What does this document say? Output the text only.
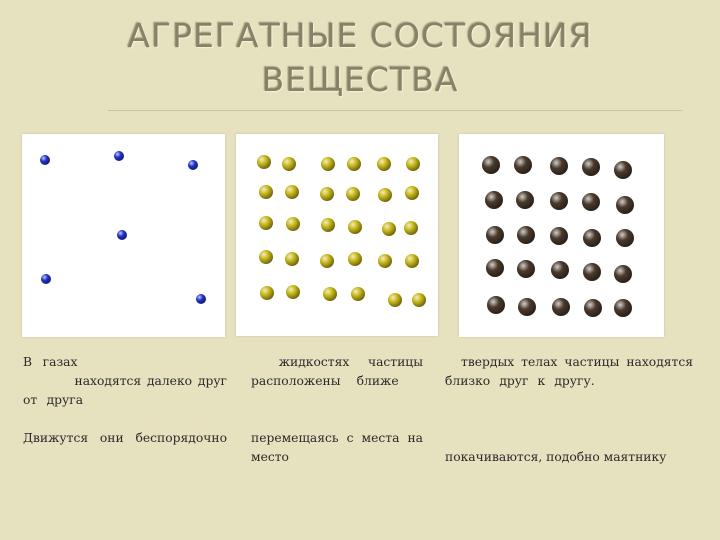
АГРЕГАТНЫЕ СОСТОЯНИЯ
ВЕЩЕСТВА
В газах частицы (молекулы, атомы) находятся далеко друг от друга и поэтому друг на друга практически не влияют. Движутся они беспорядочно как ученики на перемене.
В жидкостях частицы расположены ближе и взаимодействуют сильнее, постепенно перемещаясь с места на место
В твердых телах частицы находятся близко друг к другу. Между ними большие силы взаимодействия. Это не дает частицам свободно перемещаться. Они только покачиваются, подобно маятнику
